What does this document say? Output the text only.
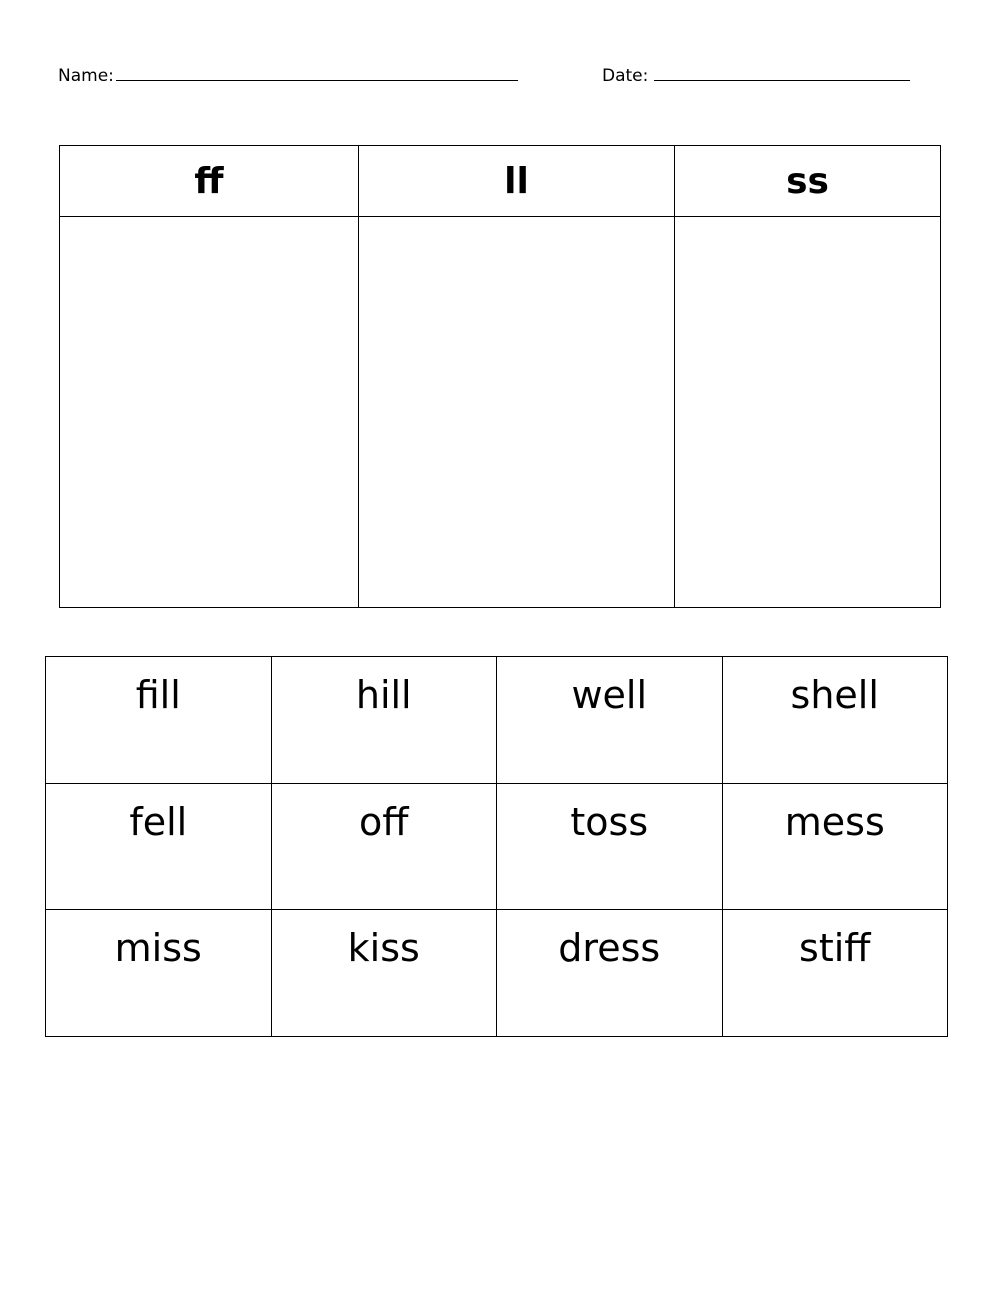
Name:	Date:
ff	ll	ss

fill	hill	well	shell
fell	off	toss	mess
miss	kiss	dress	stiff
